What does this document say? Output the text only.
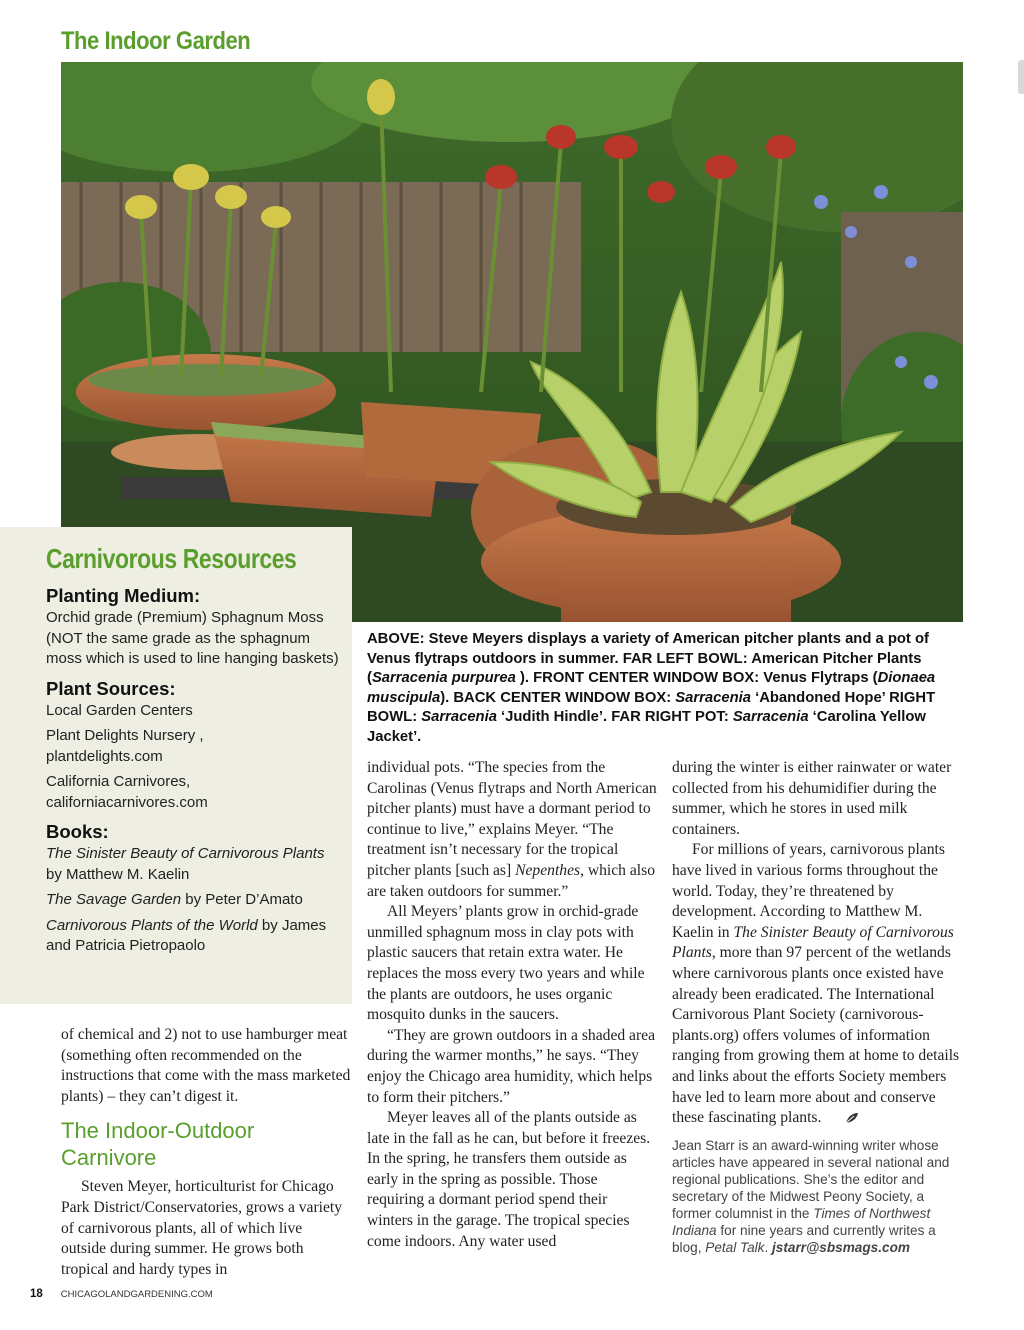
The Indoor Garden
Carnivorous Resources
Planting Medium:

Orchid grade (Premium) Sphagnum Moss (NOT the same grade as the sphagnum moss which is used to line hanging baskets)

Plant Sources:

Local Garden Centers

Plant Delights Nursery ,
plantdelights.com

California Carnivores,
californiacarnivores.com

Books:

The Sinister Beauty of Carnivorous Plants
by Matthew M. Kaelin

The Savage Garden by Peter D’Amato

Carnivorous Plants of the World by James and Patricia Pietropaolo

ABOVE: Steve Meyers displays a variety of American pitcher plants and a pot of Venus flytraps outdoors in summer. FAR LEFT BOWL: American Pitcher Plants (Sarracenia purpurea ). FRONT CENTER WINDOW BOX: Venus Flytraps (Dionaea muscipula). BACK CENTER WINDOW BOX: Sarracenia ‘Abandoned Hope’ RIGHT BOWL: Sarracenia ‘Judith Hindle’. FAR RIGHT POT: Sarracenia ‘Carolina Yellow Jacket’.

of chemical and 2) not to use hamburger meat (something often recommended on the instructions that come with the mass marketed plants) – they can’t digest it.

The Indoor-Outdoor Carnivore

Steven Meyer, horticulturist for Chicago Park District/Conservatories, grows a variety of carnivorous plants, all of which live outside during summer. He grows both tropical and hardy types in

individual pots. “The species from the Carolinas (Venus flytraps and North American pitcher plants) must have a dormant period to continue to live,” explains Meyer. “The treatment isn’t necessary for the tropical pitcher plants [such as] Nepenthes, which also are taken outdoors for summer.”

All Meyers’ plants grow in orchid-grade unmilled sphagnum moss in clay pots with plastic saucers that retain extra water. He replaces the moss every two years and while the plants are outdoors, he uses organic mosquito dunks in the saucers.

“They are grown outdoors in a shaded area during the warmer months,” he says. “They enjoy the Chicago area humidity, which helps to form their pitchers.”

Meyer leaves all of the plants outside as late in the fall as he can, but before it freezes. In the spring, he transfers them outside as early in the spring as possible. Those requiring a dormant period spend their winters in the garage. The tropical species come indoors. Any water used

during the winter is either rainwater or water collected from his dehumidifier during the summer, which he stores in used milk containers.

For millions of years, carnivorous plants have lived in various forms throughout the world. Today, they’re threatened by development. According to Matthew M. Kaelin in The Sinister Beauty of Carnivorous Plants, more than 97 percent of the wetlands where carnivorous plants once existed have already been eradicated. The International Carnivorous Plant Society (carnivorous-plants.org) offers volumes of information ranging from growing them at home to details and links about the efforts Society members have led to learn more about and conserve these fascinating plants.

Jean Starr is an award-winning writer whose articles have appeared in several national and regional publications. She’s the editor and secretary of the Midwest Peony Society, a former columnist in the Times of Northwest Indiana for nine years and currently writes a blog, Petal Talk. jstarr@sbsmags.com

18 CHICAGOLANDGARDENING.COM
